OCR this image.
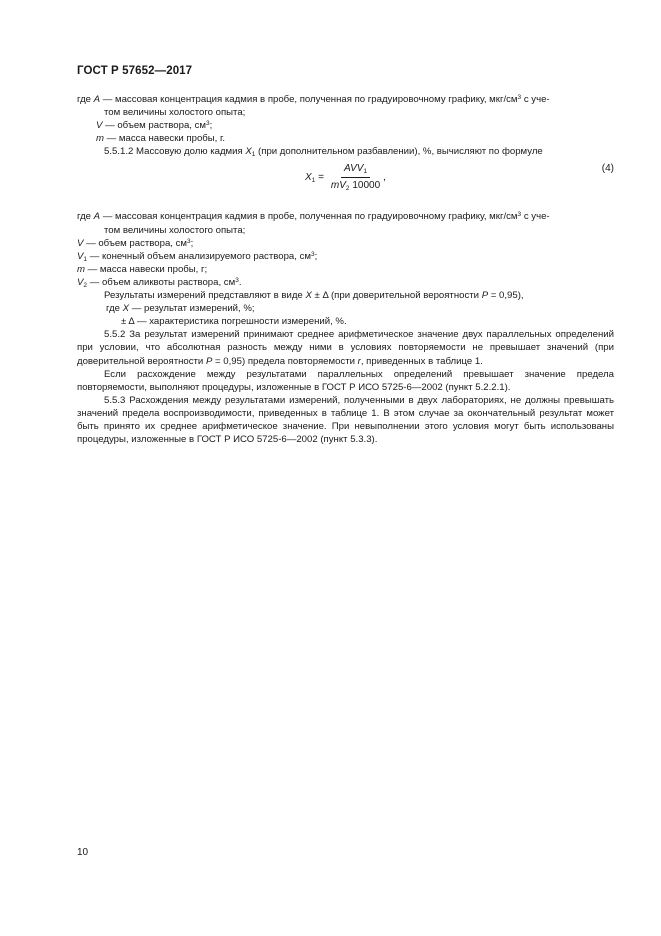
ГОСТ Р 57652—2017

где A — массовая концентрация кадмия в пробе, полученная по градуировочному графику, мкг/$см^3$ с уче-

том величины холостого опыта;

V — объем раствора, $см^3$;

m — масса навески пробы, г.

5.5.1.2 Массовую долю кадмия $X_1$ (при дополнительном разбавлении), %, вычисляют по формуле

$X_1 = \frac{AVV_1}{mV_2 10000}$ ,
(4)

где A — массовая концентрация кадмия в пробе, полученная по градуировочному графику, мкг/$см^3$ с уче-

том величины холостого опыта;

V — объем раствора, $см^3$;

$V_1$ — конечный объем анализируемого раствора, $см^3$;

m — масса навески пробы, г;

$V_2$ — объем аликвоты раствора, $см^3$.

Результаты измерений представляют в виде X ± Δ (при доверительной вероятности P = 0,95),

где X — результат измерений, %;

± Δ — характеристика погрешности измерений, %.

5.5.2 За результат измерений принимают среднее арифметическое значение двух параллельных определений при условии, что абсолютная разность между ними в условиях повторяемости не превышает значений (при доверительной вероятности P = 0,95) предела повторяемости r, приведенных в таблице 1.

Если расхождение между результатами параллельных определений превышает значение предела повторяемости, выполняют процедуры, изложенные в ГОСТ Р ИСО 5725-6—2002 (пункт 5.2.2.1).

5.5.3 Расхождения между результатами измерений, полученными в двух лабораториях, не должны превышать значений предела воспроизводимости, приведенных в таблице 1. В этом случае за окончательный результат может быть принято их среднее арифметическое значение. При невыполнении этого условия могут быть использованы процедуры, изложенные в ГОСТ Р ИСО 5725-6—2002 (пункт 5.3.3).

10
